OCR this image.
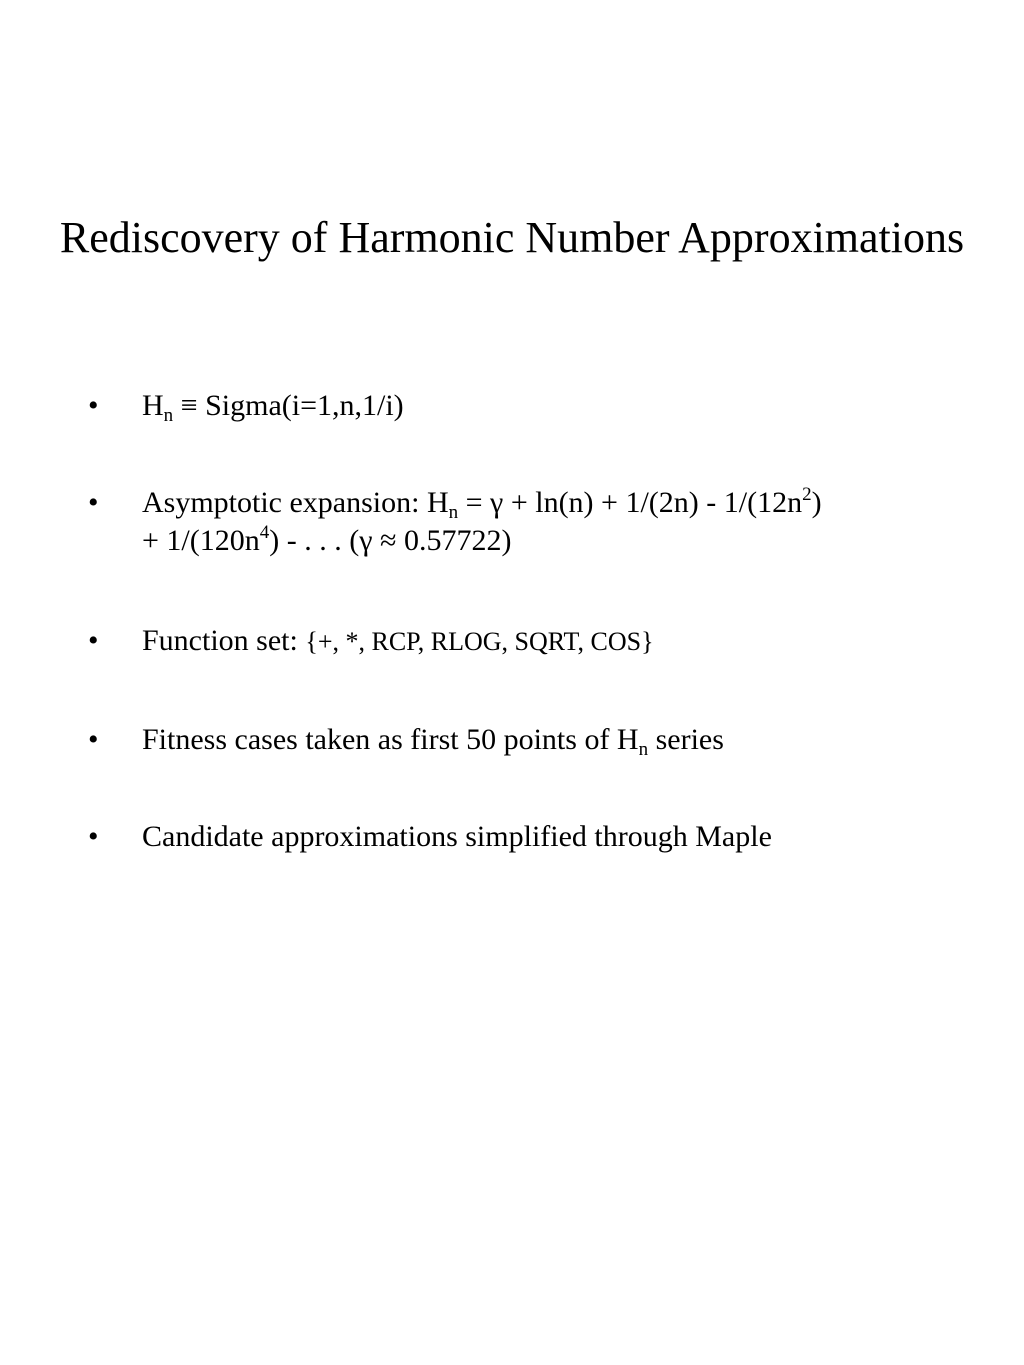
Rediscovery of Harmonic Number Approximations
•	$H_n$ ≡ Sigma(i=1,n,1/i)
•	Asymptotic expansion: $H_n = \gamma + \ln(n) + 1/(2n) - 1/(12n^2)$
+ $1/(120n^4)$ - . . . (γ ≈ 0.57722)
•	Function set: {+, *, RCP, RLOG, SQRT, COS}
•	Fitness cases taken as first 50 points of $H_n$ series
•	Candidate approximations simplified through Maple
